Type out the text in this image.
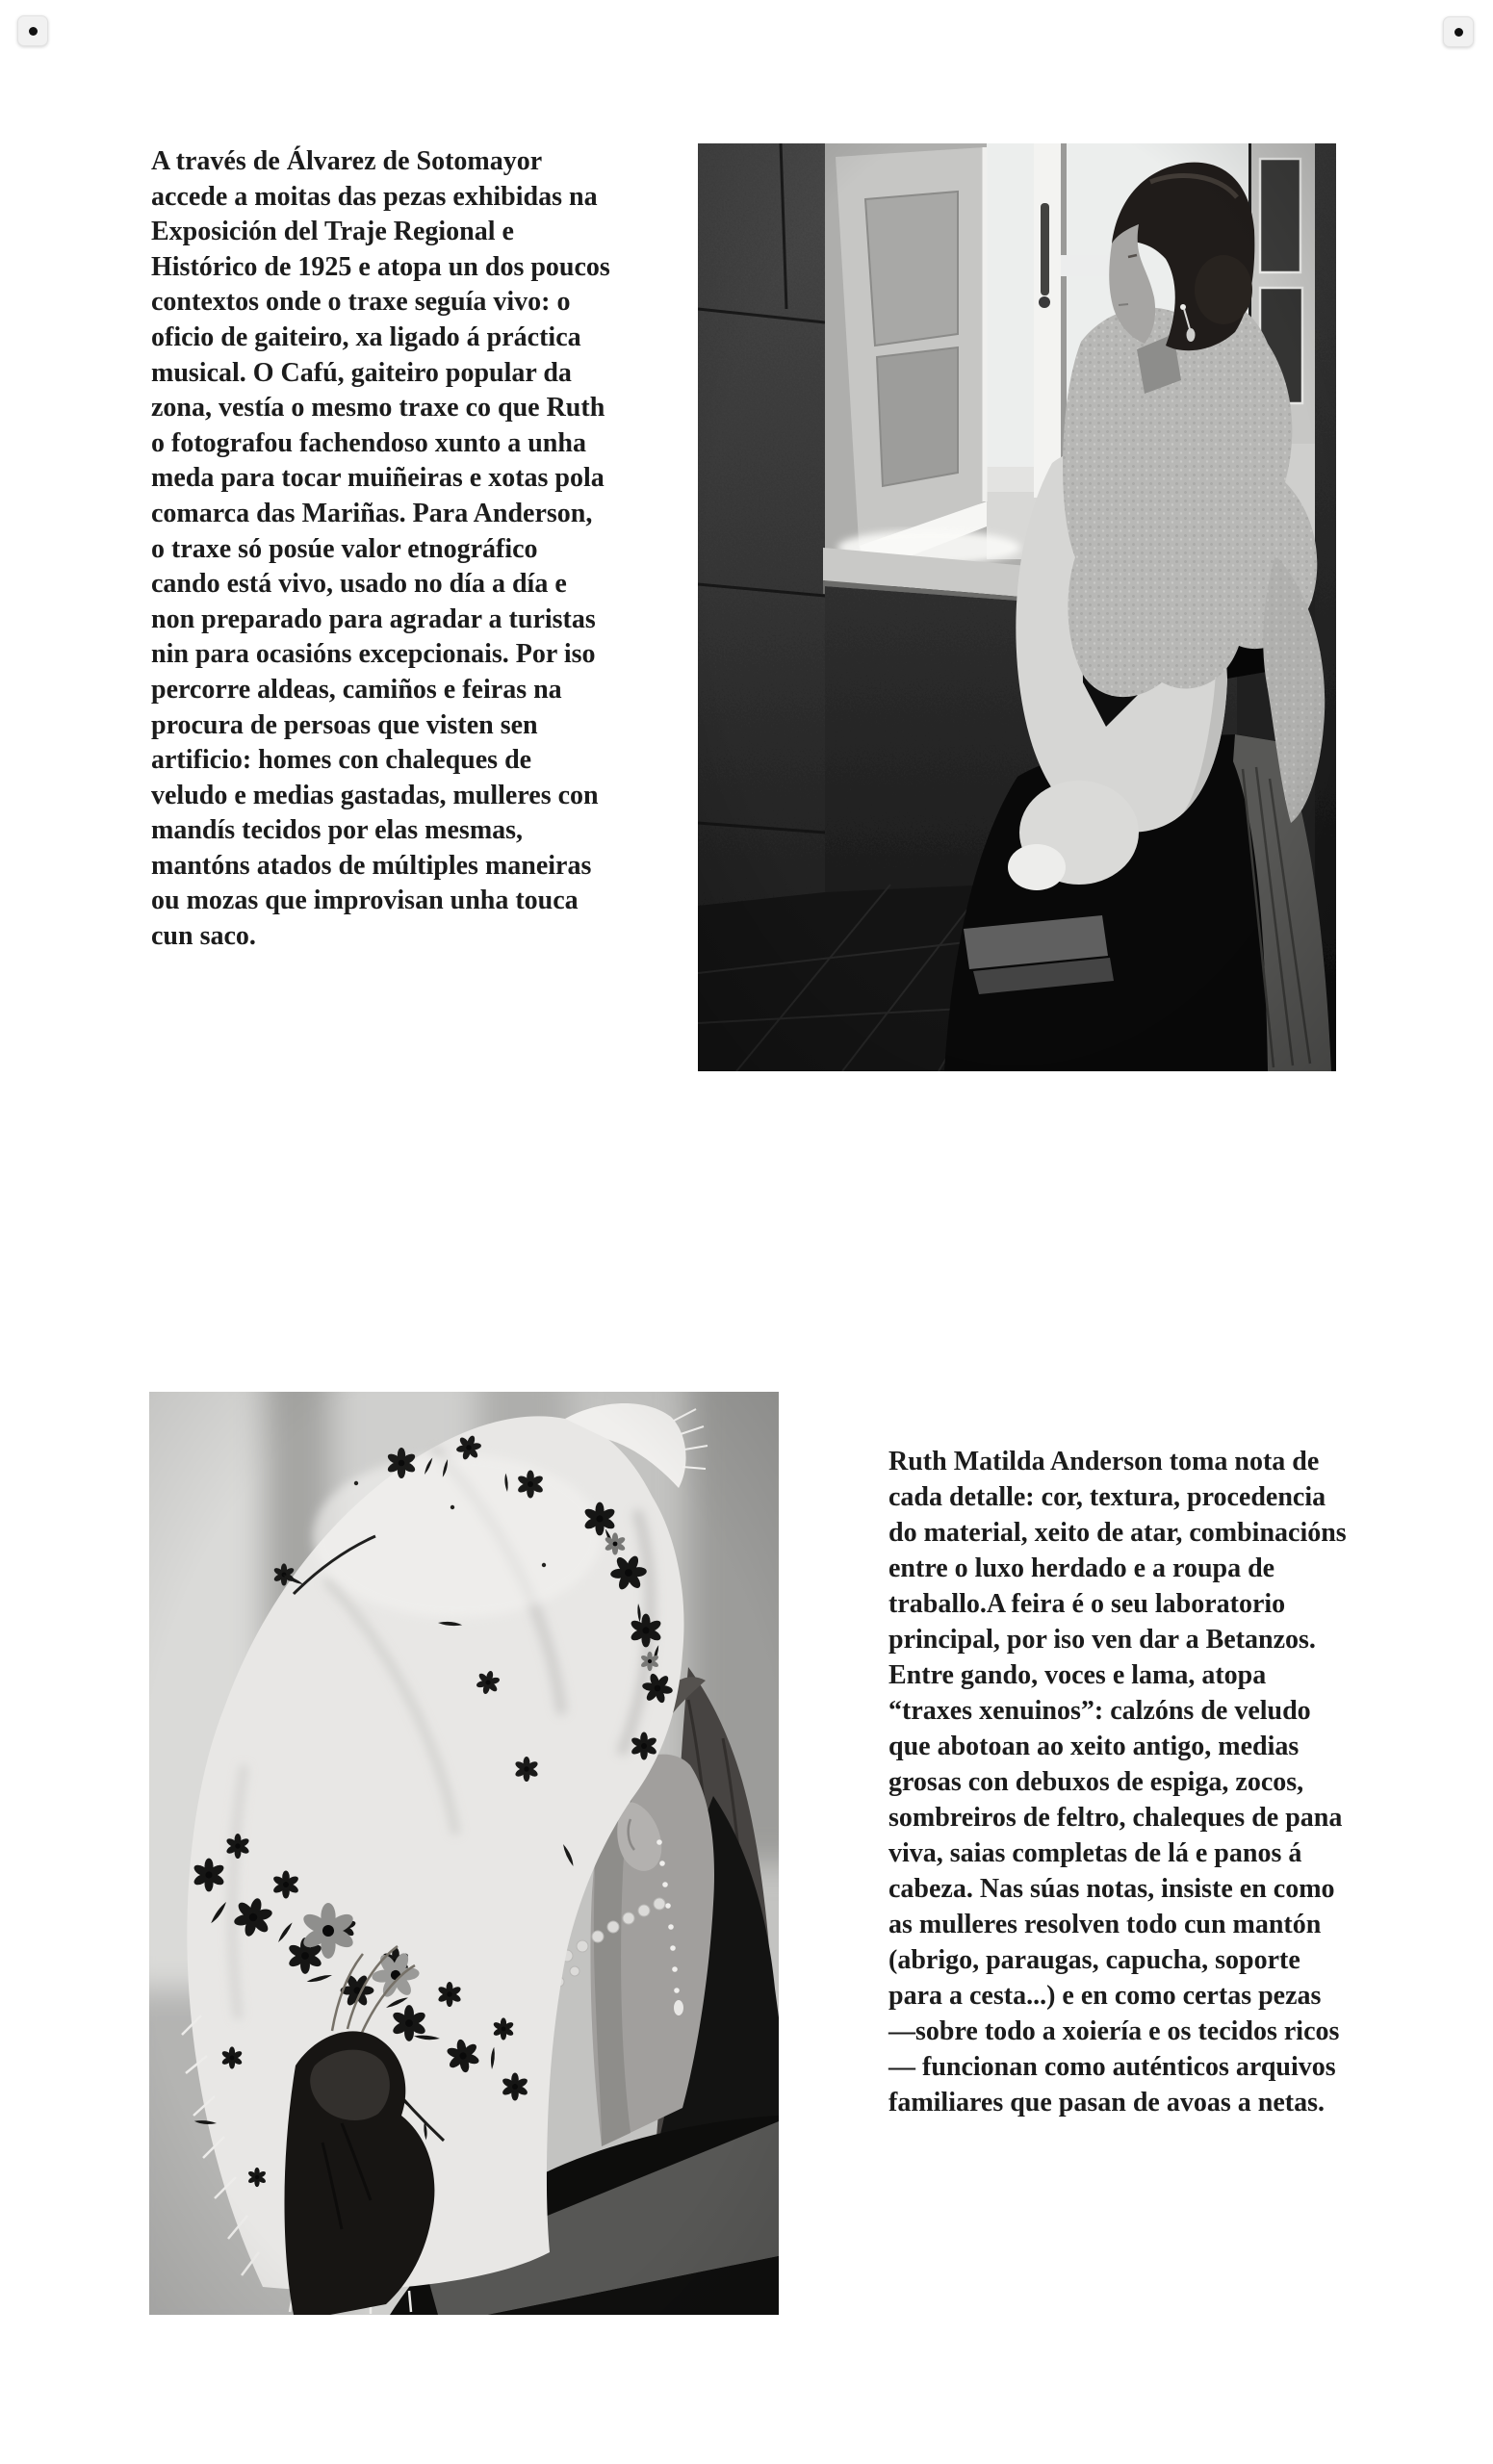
A través de Álvarez de Sotomayor accede a moitas das pezas exhibidas na Exposición del Traje Regional e Histórico de 1925 e atopa un dos poucos contextos onde o traxe seguía vivo: o oficio de gaiteiro, xa ligado á práctica musical. O Cafú, gaiteiro popular da zona, vestía o mesmo traxe co que Ruth o fotografou fachendoso xunto a unha meda para tocar muiñeiras e xotas pola comarca das Mariñas. Para Anderson, o traxe só posúe valor etnográfico cando está vivo, usado no día a día e non preparado para agradar a turistas nin para ocasións excepcionais. Por iso percorre aldeas, camiños e feiras na procura de persoas que visten sen artificio: homes con chaleques de veludo e medias gastadas, mulleres con mandís tecidos por elas mesmas, mantóns atados de múltiples maneiras ou mozas que improvisan unha touca cun saco.

Ruth Matilda Anderson toma nota de cada detalle: cor, textura, procedencia do material, xeito de atar, combinacións entre o luxo herdado e a roupa de traballo.A feira é o seu laboratorio principal, por iso ven dar a Betanzos. Entre gando, voces e lama, atopa “traxes xenuinos”: calzóns de veludo que abotoan ao xeito antigo, medias grosas con debuxos de espiga, zocos, sombreiros de feltro, chaleques de pana viva, saias completas de lá e panos á cabeza. Nas súas notas, insiste en como as mulleres resolven todo cun mantón (abrigo, paraugas, capucha, soporte para a cesta...) e en como certas pezas —sobre todo a xoiería e os tecidos ricos— funcionan como auténticos arquivos familiares que pasan de avoas a netas.
